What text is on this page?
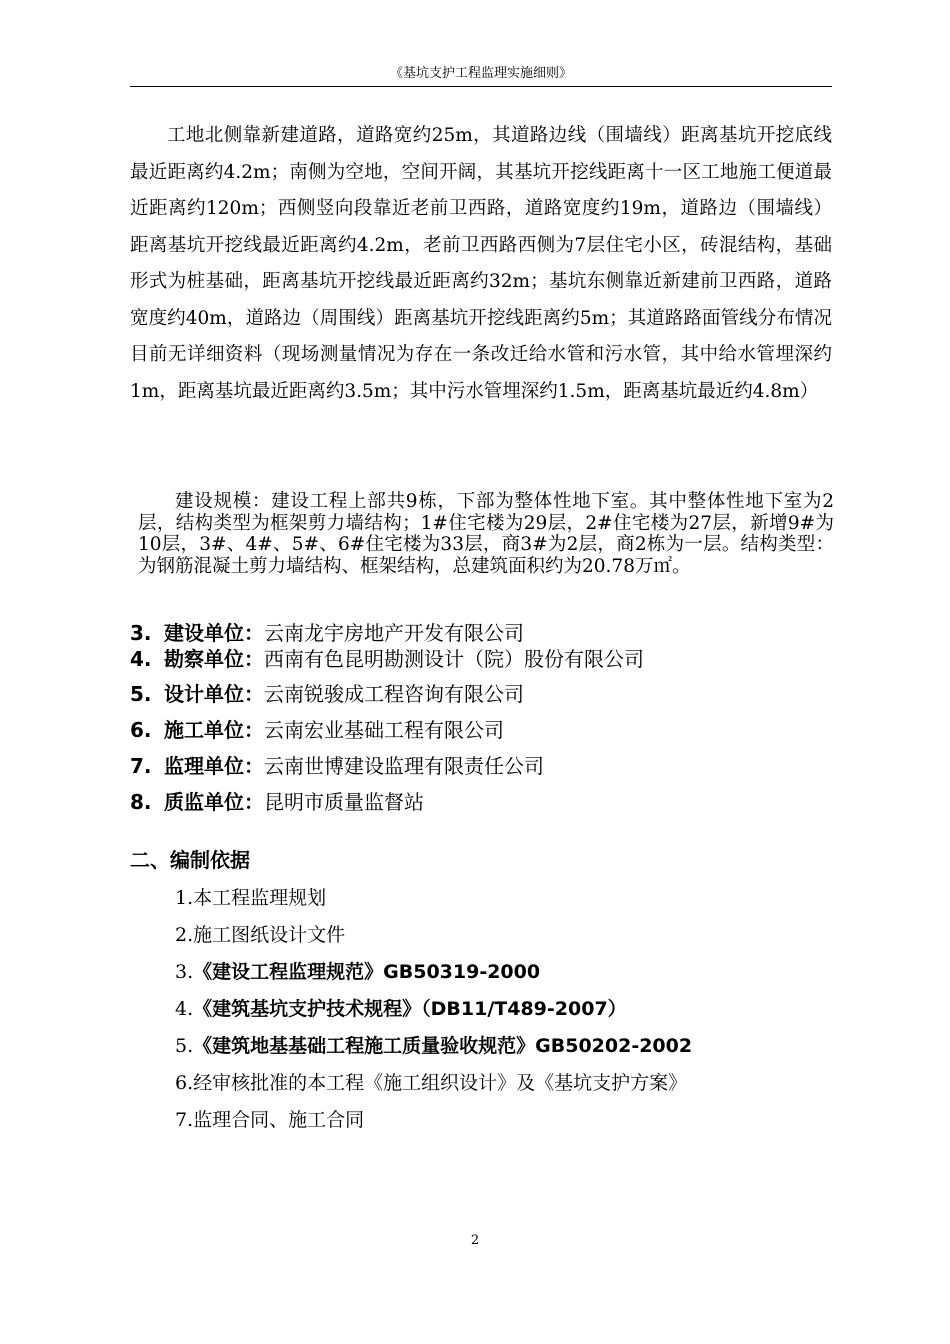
《基坑支护工程监理实施细则》

工地北侧靠新建道路，道路宽约25m，其道路边线（围墙线）距离基坑开挖底线最近距离约4.2m；南侧为空地，空间开阔，其基坑开挖线距离十一区工地施工便道最近距离约120m；西侧竖向段靠近老前卫西路，道路宽度约19m，道路边（围墙线）距离基坑开挖线最近距离约4.2m，老前卫西路西侧为7层住宅小区，砖混结构，基础形式为桩基础，距离基坑开挖线最近距离约32m；基坑东侧靠近新建前卫西路，道路宽度约40m，道路边（周围线）距离基坑开挖线距离约5m；其道路路面管线分布情况目前无详细资料（现场测量情况为存在一条改迁给水管和污水管，其中给水管埋深约1m，距离基坑最近距离约3.5m；其中污水管埋深约1.5m，距离基坑最近约4.8m）

建设规模：建设工程上部共9栋，下部为整体性地下室。其中整体性地下室为2层，结构类型为框架剪力墙结构；1#住宅楼为29层，2#住宅楼为27层，新增9#为10层，3#、4#、5#、6#住宅楼为33层，商3#为2层，商2栋为一层。结构类型：为钢筋混凝土剪力墙结构、框架结构，总建筑面积约为20.78万㎡。

3. 建设单位：云南龙宇房地产开发有限公司
4. 勘察单位：西南有色昆明勘测设计（院）股份有限公司
5. 设计单位：云南锐骏成工程咨询有限公司
6. 施工单位：云南宏业基础工程有限公司
7. 监理单位：云南世博建设监理有限责任公司
8. 质监单位：昆明市质量监督站
二、编制依据
1.本工程监理规划
2.施工图纸设计文件
3.《建设工程监理规范》GB50319-2000
4.《建筑基坑支护技术规程》（DB11/T489-2007）
5.《建筑地基基础工程施工质量验收规范》GB50202-2002
6.经审核批准的本工程《施工组织设计》及《基坑支护方案》
7.监理合同、施工合同
2
